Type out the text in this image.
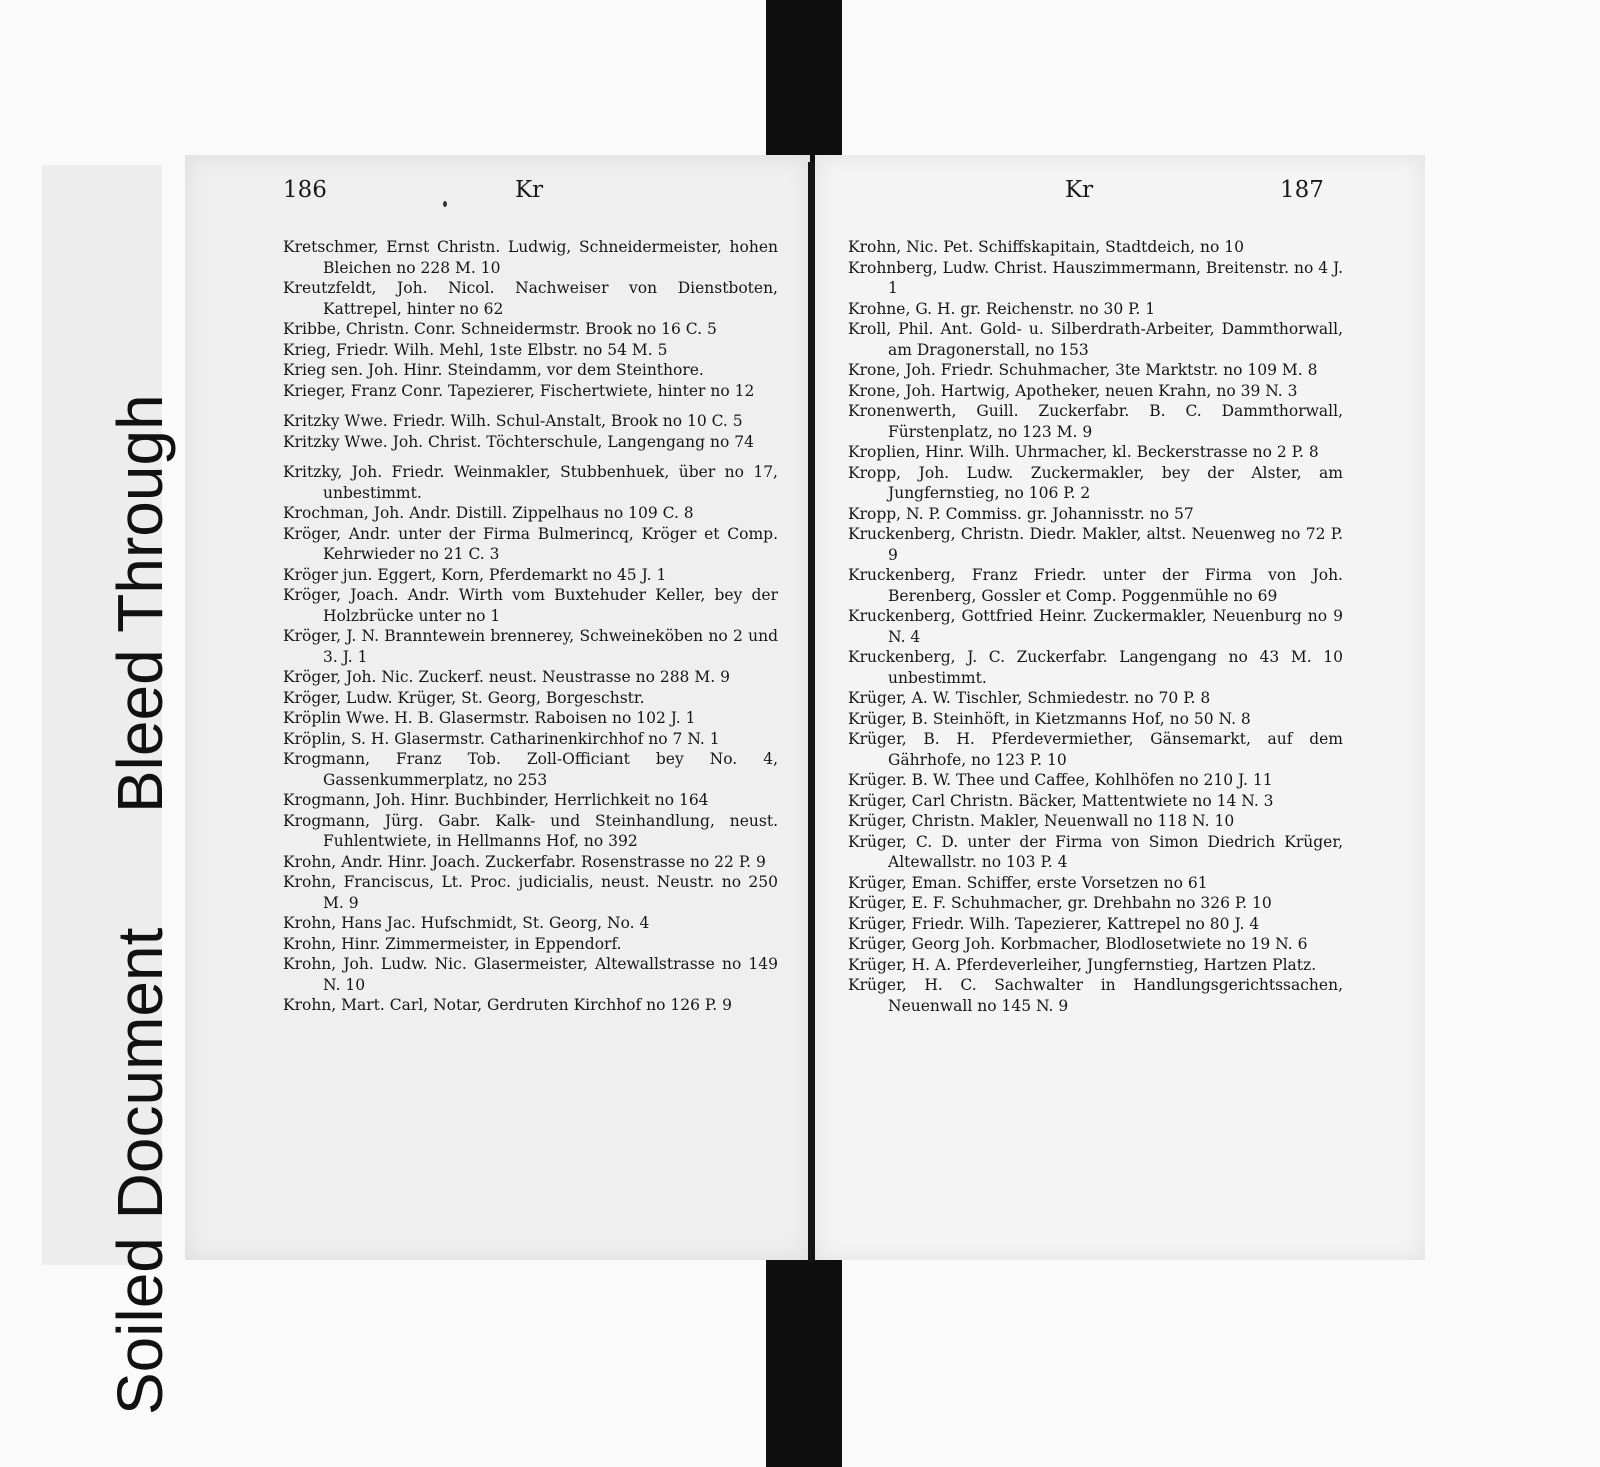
Bleed Through
Soiled Document
186	Kr
Kretschmer, Ernst Christn. Ludwig, Schneidermeister, hohen Bleichen no 228 M. 10
Kreutzfeldt, Joh. Nicol. Nachweiser von Dienstboten, Kattrepel, hinter no 62
Kribbe, Christn. Conr. Schneidermstr. Brook no 16 C. 5
Krieg, Friedr. Wilh. Mehl, 1ste Elbstr. no 54 M. 5
Krieg sen. Joh. Hinr. Steindamm, vor dem Steinthore.
Krieger, Franz Conr. Tapezierer, Fischertwiete, hinter no 12
Kritzky Wwe. Friedr. Wilh. Schul-Anstalt, Brook no 10 C. 5
Kritzky Wwe. Joh. Christ. Töchterschule, Langengang no 74
Kritzky, Joh. Friedr. Weinmakler, Stubbenhuek, über no 17, unbestimmt.
Krochman, Joh. Andr. Distill. Zippelhaus no 109 C. 8
Kröger, Andr. unter der Firma Bulmerincq, Kröger et Comp. Kehrwieder no 21 C. 3
Kröger jun. Eggert, Korn, Pferdemarkt no 45 J. 1
Kröger, Joach. Andr. Wirth vom Buxtehuder Keller, bey der Holzbrücke unter no 1
Kröger, J. N. Branntewein brennerey, Schweineköben no 2 und 3. J. 1
Kröger, Joh. Nic. Zuckerf. neust. Neustrasse no 288 M. 9
Kröger, Ludw. Krüger, St. Georg, Borgeschstr.
Kröplin Wwe. H. B. Glasermstr. Raboisen no 102 J. 1
Kröplin, S. H. Glasermstr. Catharinenkirchhof no 7 N. 1
Krogmann, Franz Tob. Zoll-Officiant bey No. 4, Gassenkummerplatz, no 253
Krogmann, Joh. Hinr. Buchbinder, Herrlichkeit no 164
Krogmann, Jürg. Gabr. Kalk- und Steinhandlung, neust. Fuhlentwiete, in Hellmanns Hof, no 392
Krohn, Andr. Hinr. Joach. Zuckerfabr. Rosenstrasse no 22 P. 9
Krohn, Franciscus, Lt. Proc. judicialis, neust. Neustr. no 250 M. 9
Krohn, Hans Jac. Hufschmidt, St. Georg, No. 4
Krohn, Hinr. Zimmermeister, in Eppendorf.
Krohn, Joh. Ludw. Nic. Glasermeister, Altewallstrasse no 149 N. 10
Krohn, Mart. Carl, Notar, Gerdruten Kirchhof no 126 P. 9
Kr	187
Krohn, Nic. Pet. Schiffskapitain, Stadtdeich, no 10
Krohnberg, Ludw. Christ. Hauszimmermann, Breitenstr. no 4 J. 1
Krohne, G. H. gr. Reichenstr. no 30 P. 1
Kroll, Phil. Ant. Gold- u. Silberdrath-Arbeiter, Dammthorwall, am Dragonerstall, no 153
Krone, Joh. Friedr. Schuhmacher, 3te Marktstr. no 109 M. 8
Krone, Joh. Hartwig, Apotheker, neuen Krahn, no 39 N. 3
Kronenwerth, Guill. Zuckerfabr. B. C. Dammthorwall, Fürstenplatz, no 123 M. 9
Kroplien, Hinr. Wilh. Uhrmacher, kl. Beckerstrasse no 2 P. 8
Kropp, Joh. Ludw. Zuckermakler, bey der Alster, am Jungfernstieg, no 106 P. 2
Kropp, N. P. Commiss. gr. Johannisstr. no 57
Kruckenberg, Christn. Diedr. Makler, altst. Neuenweg no 72 P. 9
Kruckenberg, Franz Friedr. unter der Firma von Joh. Berenberg, Gossler et Comp. Poggenmühle no 69
Kruckenberg, Gottfried Heinr. Zuckermakler, Neuenburg no 9 N. 4
Kruckenberg, J. C. Zuckerfabr. Langengang no 43 M. 10 unbestimmt.
Krüger, A. W. Tischler, Schmiedestr. no 70 P. 8
Krüger, B. Steinhöft, in Kietzmanns Hof, no 50 N. 8
Krüger, B. H. Pferdevermiether, Gänsemarkt, auf dem Gährhofe, no 123 P. 10
Krüger. B. W. Thee und Caffee, Kohlhöfen no 210 J. 11
Krüger, Carl Christn. Bäcker, Mattentwiete no 14 N. 3
Krüger, Christn. Makler, Neuenwall no 118 N. 10
Krüger, C. D. unter der Firma von Simon Diedrich Krüger, Altewallstr. no 103 P. 4
Krüger, Eman. Schiffer, erste Vorsetzen no 61
Krüger, E. F. Schuhmacher, gr. Drehbahn no 326 P. 10
Krüger, Friedr. Wilh. Tapezierer, Kattrepel no 80 J. 4
Krüger, Georg Joh. Korbmacher, Blodlosetwiete no 19 N. 6
Krüger, H. A. Pferdeverleiher, Jungfernstieg, Hartzen Platz.
Krüger, H. C. Sachwalter in Handlungsgerichtssachen, Neuenwall no 145 N. 9
